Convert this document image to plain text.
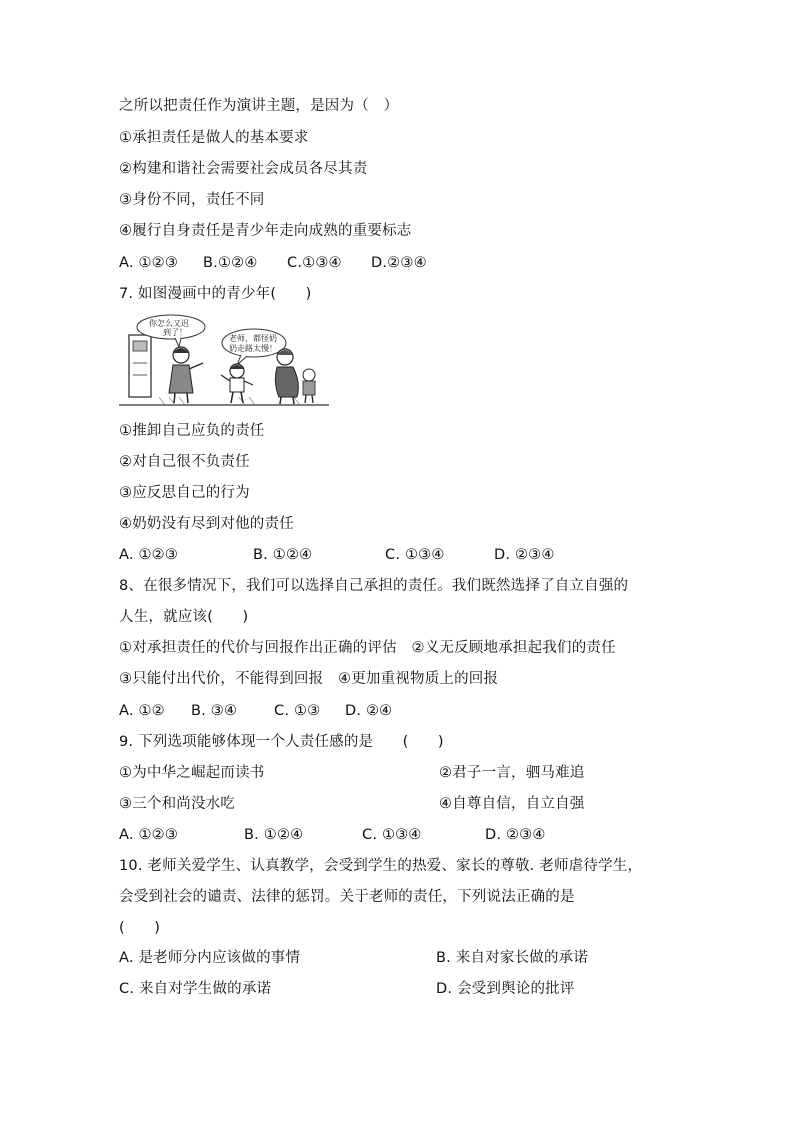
之所以把责任作为演讲主题，是因为（　）
①承担责任是做人的基本要求
②构建和谐社会需要社会成员各尽其责
③身份不同，责任不同
④履行自身责任是青少年走向成熟的重要标志
A. ①②③ B.①②④ C.①③④ D.②③④
7. 如图漫画中的青少年(　　)
你怎么又迟
到了！
老师，都怪奶
奶走路太慢！
①推卸自己应负的责任
②对自己很不负责任
③应反思自己的行为
④奶奶没有尽到对他的责任
A. ①②③	B. ①②④	C. ①③④	D. ②③④
8、在很多情况下，我们可以选择自己承担的责任。我们既然选择了自立自强的
人生，就应该(　　)
①对承担责任的代价与回报作出正确的评估　②义无反顾地承担起我们的责任
③只能付出代价，不能得到回报　④更加重视物质上的回报
A. ①② B. ③④	C. ①③ D. ②④
9. 下列选项能够体现一个人责任感的是　　(　　)
①为中华之崛起而读书	②君子一言，驷马难追
③三个和尚没水吃	④自尊自信，自立自强
A. ①②③	B. ①②④	C. ①③④	D. ②③④
10. 老师关爱学生、认真教学，会受到学生的热爱、家长的尊敬. 老师虐待学生，
会受到社会的谴责、法律的惩罚。关于老师的责任，下列说法正确的是
(　　)
A. 是老师分内应该做的事情	B. 来自对家长做的承诺
C. 来自对学生做的承诺	D. 会受到舆论的批评
